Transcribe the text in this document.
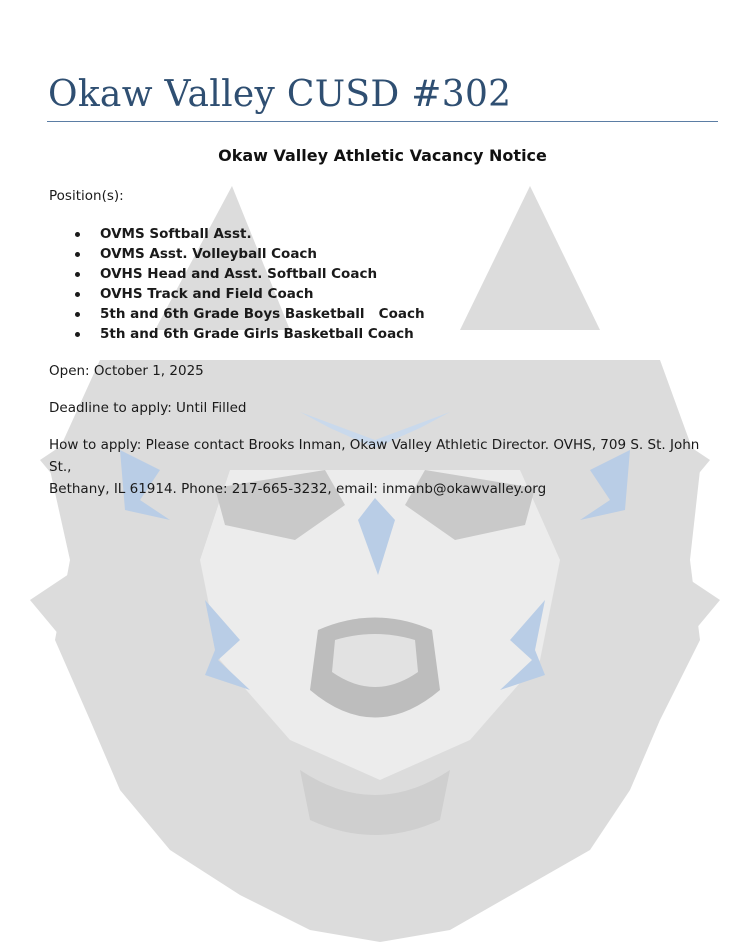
Okaw Valley CUSD #302
Okaw Valley Athletic Vacancy Notice
Position(s):
OVMS Softball Asst.
OVMS Asst. Volleyball Coach
OVHS Head and Asst. Softball Coach
OVHS Track and Field Coach
5th and 6th Grade Boys Basketball   Coach
5th and 6th Grade Girls Basketball Coach
Open: October 1, 2025
Deadline to apply: Until Filled
How to apply: Please contact Brooks Inman, Okaw Valley Athletic Director. OVHS, 709 S. St. John St.,
Bethany, IL 61914. Phone: 217-665-3232, email: inmanb@okawvalley.org
